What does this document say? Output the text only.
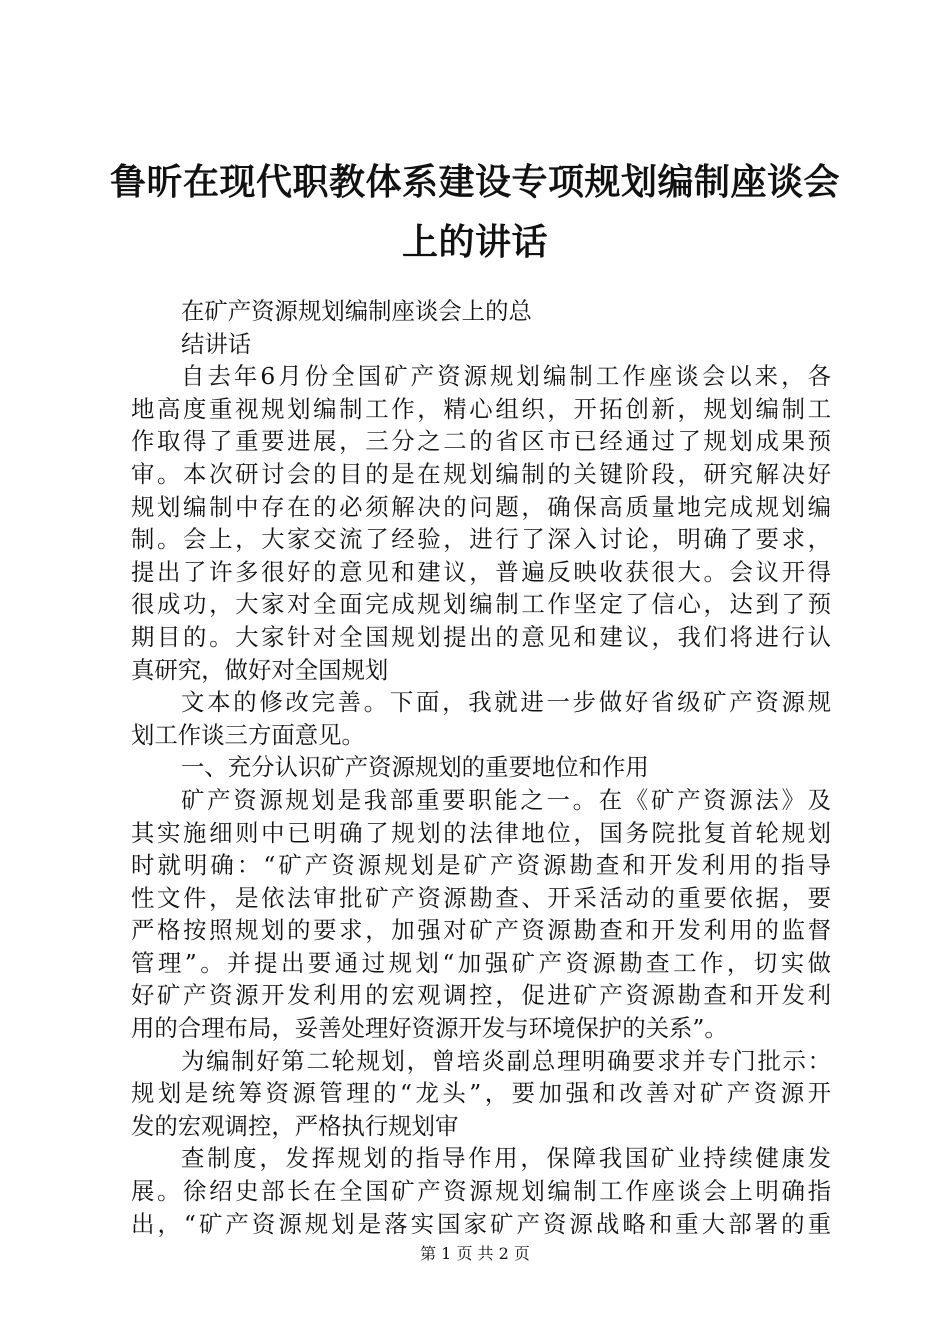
鲁昕在现代职教体系建设专项规划编制座谈会
上的讲话
在矿产资源规划编制座谈会上的总
结讲话
自去年6月份全国矿产资源规划编制工作座谈会以来，各
地高度重视规划编制工作，精心组织，开拓创新，规划编制工
作取得了重要进展，三分之二的省区市已经通过了规划成果预
审。本次研讨会的目的是在规划编制的关键阶段，研究解决好
规划编制中存在的必须解决的问题，确保高质量地完成规划编
制。会上，大家交流了经验，进行了深入讨论，明确了要求，
提出了许多很好的意见和建议，普遍反映收获很大。会议开得
很成功，大家对全面完成规划编制工作坚定了信心，达到了预
期目的。大家针对全国规划提出的意见和建议，我们将进行认
真研究，做好对全国规划
文本的修改完善。下面，我就进一步做好省级矿产资源规
划工作谈三方面意见。
一、充分认识矿产资源规划的重要地位和作用
矿产资源规划是我部重要职能之一。在《矿产资源法》及
其实施细则中已明确了规划的法律地位，国务院批复首轮规划
时就明确：“矿产资源规划是矿产资源勘查和开发利用的指导
性文件，是依法审批矿产资源勘查、开采活动的重要依据，要
严格按照规划的要求，加强对矿产资源勘查和开发利用的监督
管理”。并提出要通过规划“加强矿产资源勘查工作，切实做
好矿产资源开发利用的宏观调控，促进矿产资源勘查和开发利
用的合理布局，妥善处理好资源开发与环境保护的关系”。
为编制好第二轮规划，曾培炎副总理明确要求并专门批示：
规划是统筹资源管理的“龙头”，要加强和改善对矿产资源开
发的宏观调控，严格执行规划审
查制度，发挥规划的指导作用，保障我国矿业持续健康发
展。徐绍史部长在全国矿产资源规划编制工作座谈会上明确指
出，“矿产资源规划是落实国家矿产资源战略和重大部署的重
第 1 页 共 2 页
